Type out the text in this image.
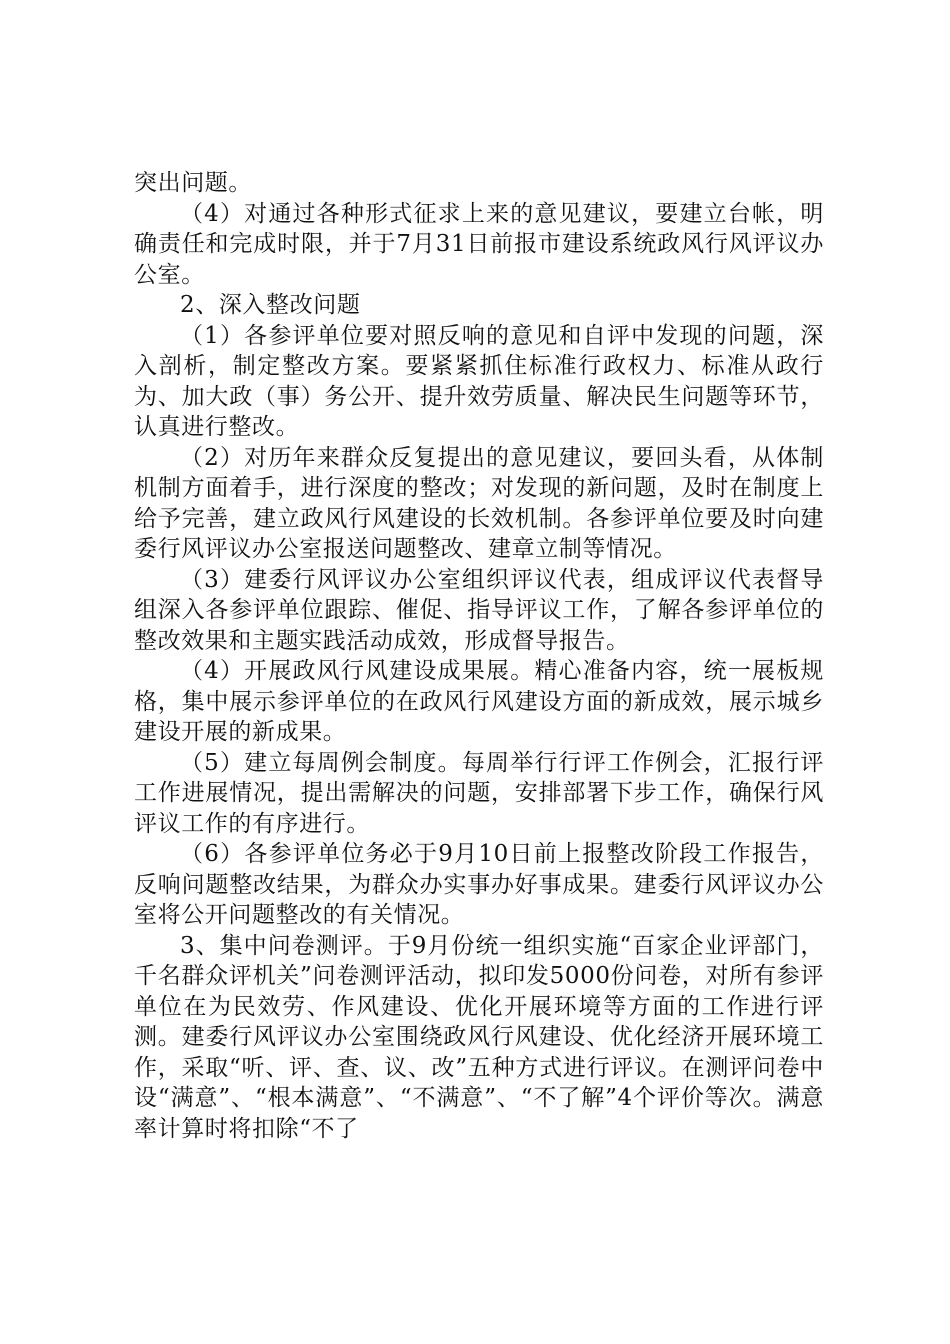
突出问题。

（4）对通过各种形式征求上来的意见建议，要建立台帐，明确责任和完成时限，并于7月31日前报市建设系统政风行风评议办公室。

2、深入整改问题

（1）各参评单位要对照反响的意见和自评中发现的问题，深入剖析，制定整改方案。要紧紧抓住标准行政权力、标准从政行为、加大政（事）务公开、提升效劳质量、解决民生问题等环节，认真进行整改。

（2）对历年来群众反复提出的意见建议，要回头看，从体制机制方面着手，进行深度的整改；对发现的新问题，及时在制度上给予完善，建立政风行风建设的长效机制。各参评单位要及时向建委行风评议办公室报送问题整改、建章立制等情况。

（3）建委行风评议办公室组织评议代表，组成评议代表督导组深入各参评单位跟踪、催促、指导评议工作，了解各参评单位的整改效果和主题实践活动成效，形成督导报告。

（4）开展政风行风建设成果展。精心准备内容，统一展板规格，集中展示参评单位的在政风行风建设方面的新成效，展示城乡建设开展的新成果。

（5）建立每周例会制度。每周举行行评工作例会，汇报行评工作进展情况，提出需解决的问题，安排部署下步工作，确保行风评议工作的有序进行。

（6）各参评单位务必于9月10日前上报整改阶段工作报告，反响问题整改结果，为群众办实事办好事成果。建委行风评议办公室将公开问题整改的有关情况。

3、集中问卷测评。于9月份统一组织实施“百家企业评部门，千名群众评机关”问卷测评活动，拟印发5000份问卷，对所有参评单位在为民效劳、作风建设、优化开展环境等方面的工作进行评测。建委行风评议办公室围绕政风行风建设、优化经济开展环境工作，采取“听、评、查、议、改”五种方式进行评议。在测评问卷中设“满意”、“根本满意”、“不满意”、“不了解”4个评价等次。满意率计算时将扣除“不了
